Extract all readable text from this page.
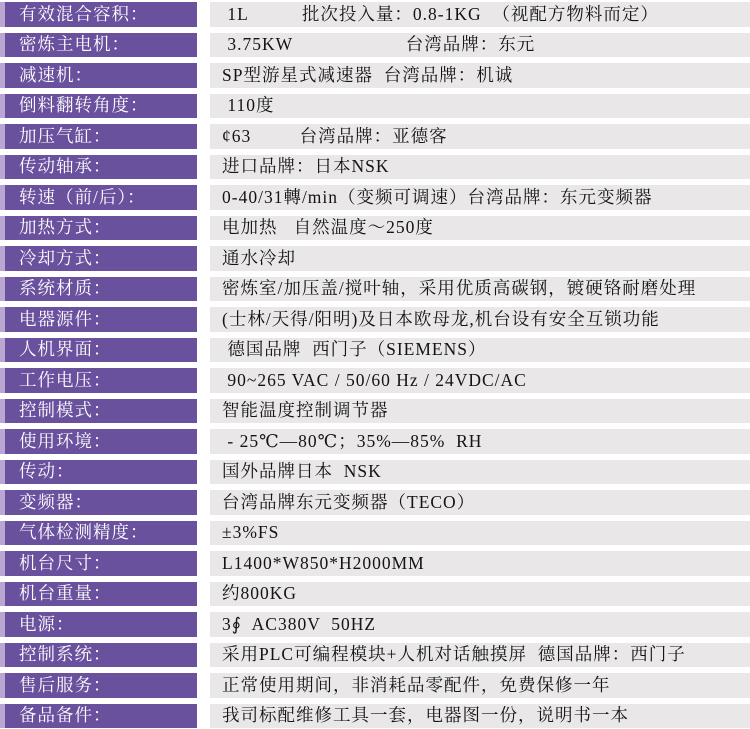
有效混合容积：	1L          批次投入量：0.8-1KG  （视配方物料而定）
密炼主电机：	3.75KW                     台湾品牌：东元
减速机：	SP型游星式减速器  台湾品牌：机诚
倒料翻转角度：	110度
加压气缸：	¢63         台湾品牌：亚德客
传动轴承：	进口品牌：日本NSK
转速（前/后）：	0-40/31轉/min（变频可调速）台湾品牌：东元变频器
加热方式：	电加热   自然温度～250度
冷却方式：	通水冷却
系统材质：	密炼室/加压盖/搅叶轴，采用优质高碳钢，镀硬铬耐磨处理
电器源件：	(士林/天得/阳明)及日本欧母龙,机台设有安全互锁功能
人机界面：	德国品牌  西门子（SIEMENS）
工作电压：	90~265 VAC / 50/60 Hz / 24VDC/AC
控制模式：	智能温度控制调节器
使用环境：	- 25℃—80℃；35%—85%  RH
传动：	国外品牌日本  NSK
变频器：	台湾品牌东元变频器（TECO）
气体检测精度：	±3%FS
机台尺寸：	L1400*W850*H2000MM
机台重量：	约800KG
电源：	3∮  AC380V  50HZ
控制系统：	采用PLC可编程模块+人机对话触摸屏  德国品牌：西门子
售后服务：	正常使用期间，非消耗品零配件，免费保修一年
备品备件：	我司标配维修工具一套，电器图一份，说明书一本
